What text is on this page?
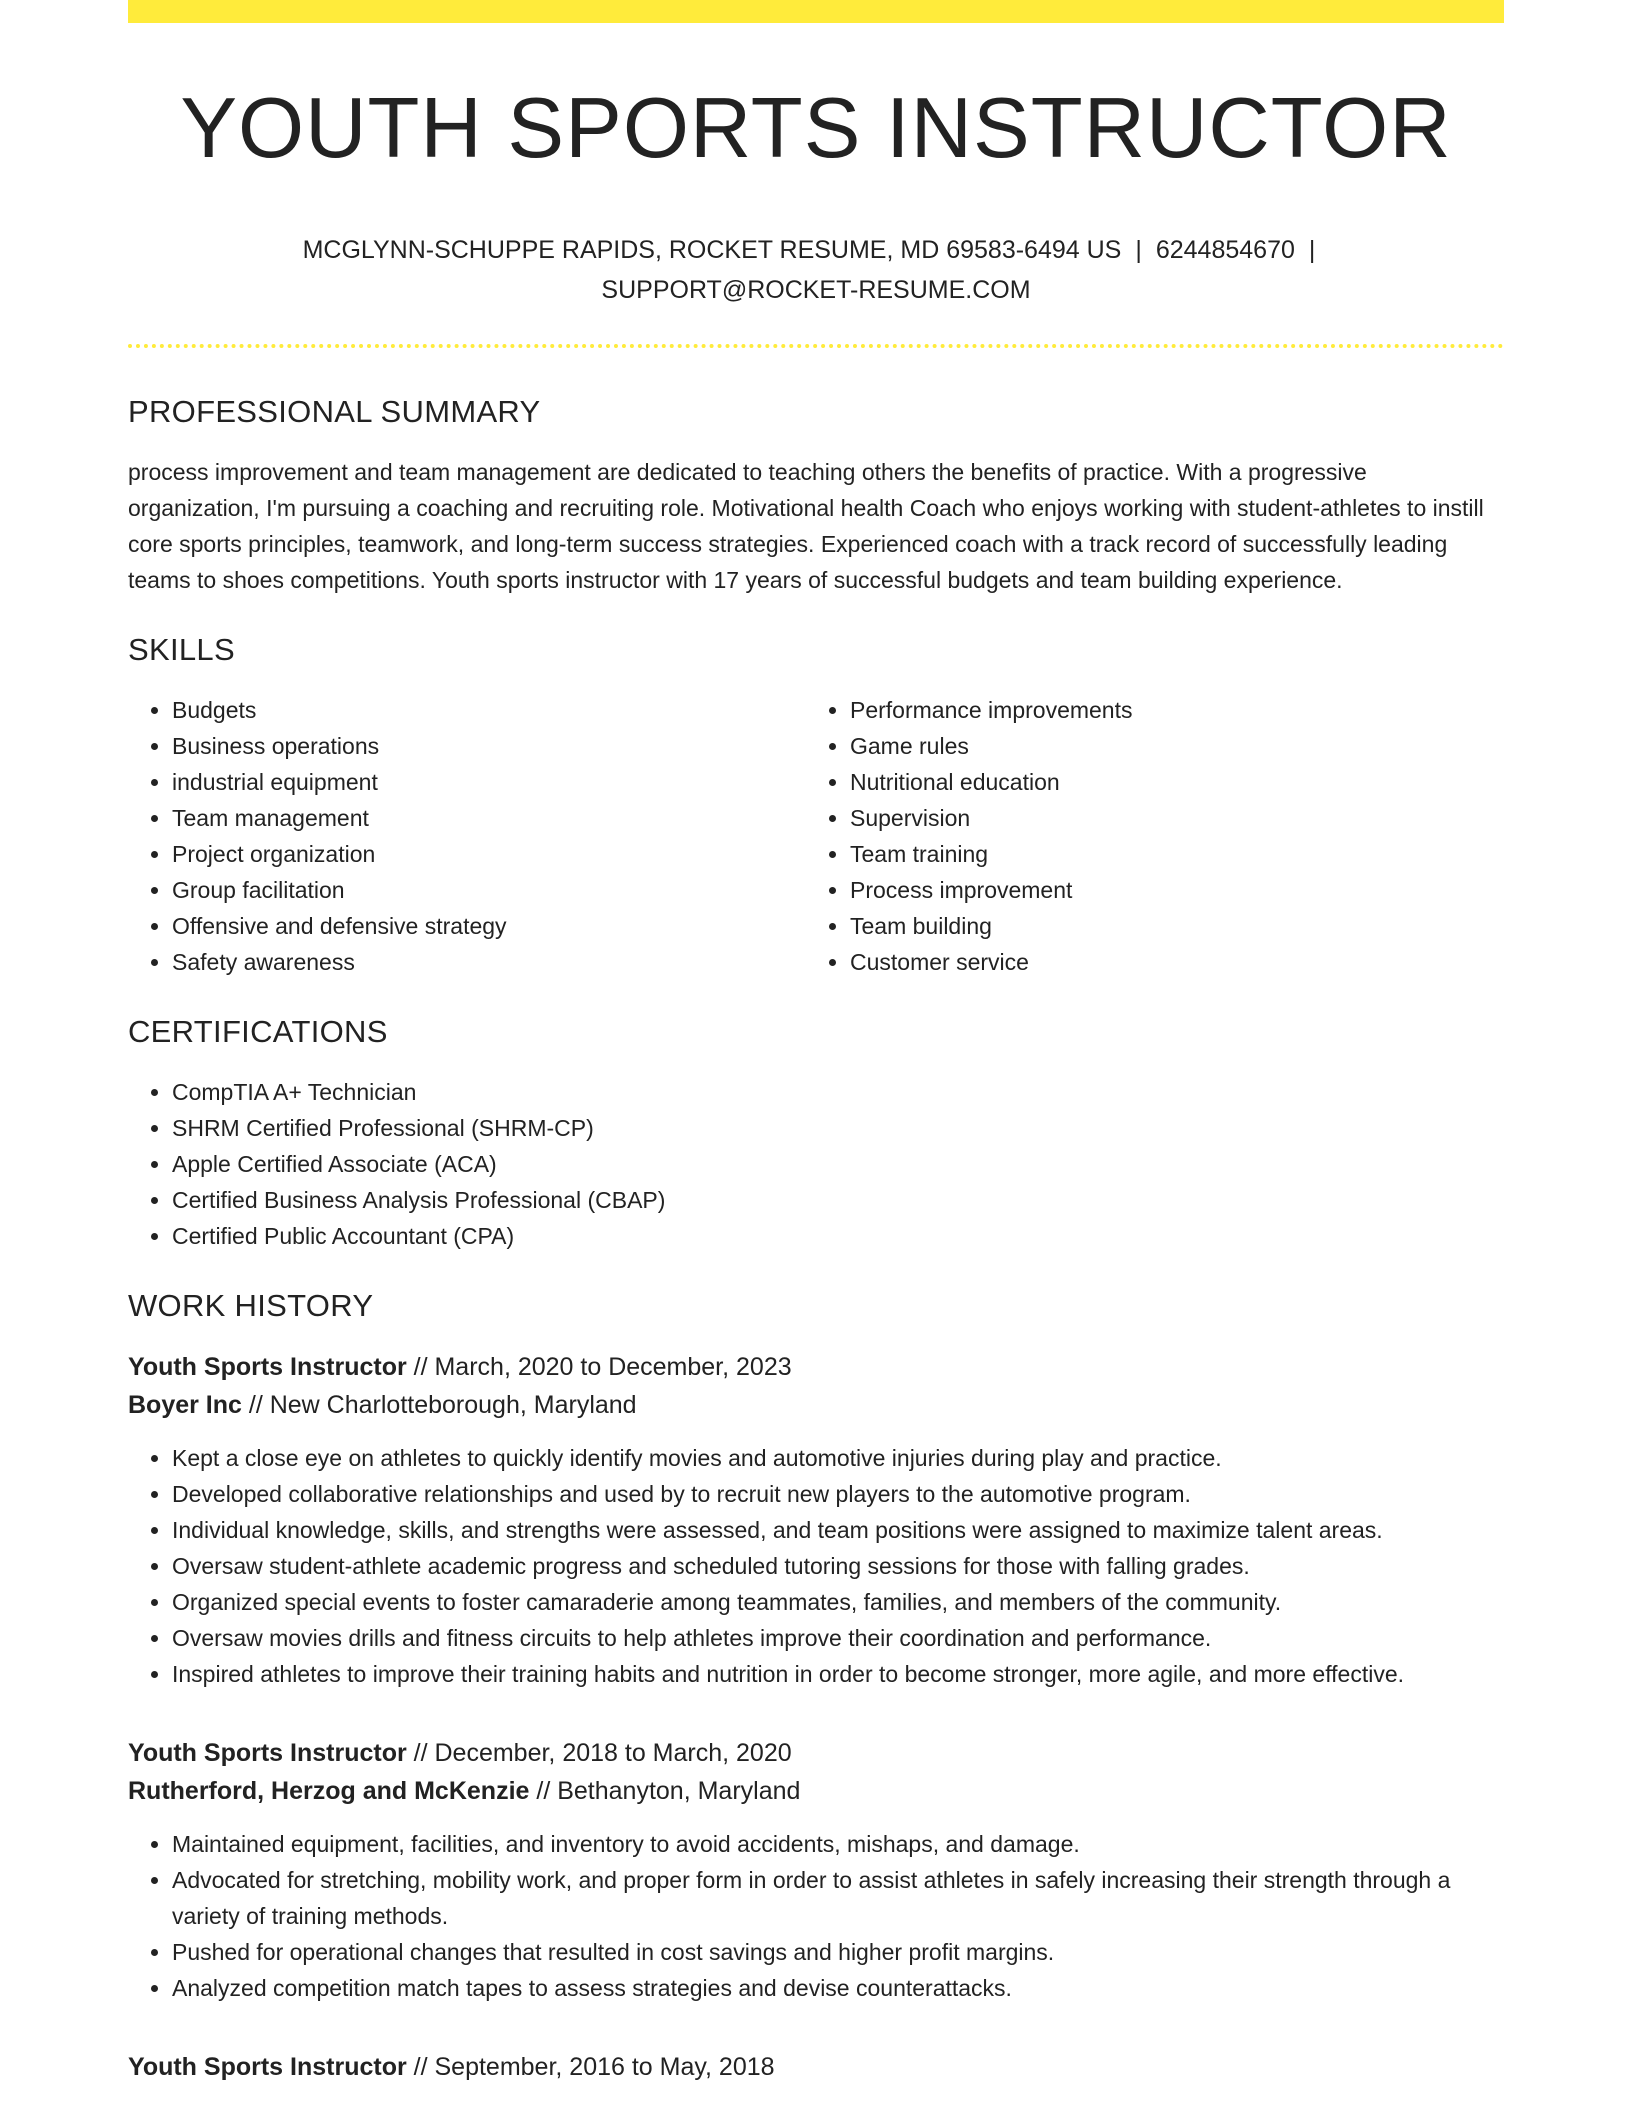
YOUTH SPORTS INSTRUCTOR
MCGLYNN-SCHUPPE RAPIDS, ROCKET RESUME, MD 69583-6494 US | 6244854670 |
SUPPORT@ROCKET-RESUME.COM
PROFESSIONAL SUMMARY

process improvement and team management are dedicated to teaching others the benefits of practice. With a progressive organization, I'm pursuing a coaching and recruiting role. Motivational health Coach who enjoys working with student-athletes to instill core sports principles, teamwork, and long-term success strategies. Experienced coach with a track record of successfully leading teams to shoes competitions. Youth sports instructor with 17 years of successful budgets and team building experience.

SKILLS
• Budgets
• Business operations
• industrial equipment
• Team management
• Project organization
• Group facilitation
• Offensive and defensive strategy
• Safety awareness
• Performance improvements
• Game rules
• Nutritional education
• Supervision
• Team training
• Process improvement
• Team building
• Customer service
CERTIFICATIONS
• CompTIA A+ Technician
• SHRM Certified Professional (SHRM-CP)
• Apple Certified Associate (ACA)
• Certified Business Analysis Professional (CBAP)
• Certified Public Accountant (CPA)
WORK HISTORY
Youth Sports Instructor // March, 2020 to December, 2023
Boyer Inc // New Charlotteborough, Maryland
• Kept a close eye on athletes to quickly identify movies and automotive injuries during play and practice.
• Developed collaborative relationships and used by to recruit new players to the automotive program.
• Individual knowledge, skills, and strengths were assessed, and team positions were assigned to maximize talent areas.
• Oversaw student-athlete academic progress and scheduled tutoring sessions for those with falling grades.
• Organized special events to foster camaraderie among teammates, families, and members of the community.
• Oversaw movies drills and fitness circuits to help athletes improve their coordination and performance.
• Inspired athletes to improve their training habits and nutrition in order to become stronger, more agile, and more effective.
Youth Sports Instructor // December, 2018 to March, 2020
Rutherford, Herzog and McKenzie // Bethanyton, Maryland
• Maintained equipment, facilities, and inventory to avoid accidents, mishaps, and damage.
• Advocated for stretching, mobility work, and proper form in order to assist athletes in safely increasing their strength through a variety of training methods.
• Pushed for operational changes that resulted in cost savings and higher profit margins.
• Analyzed competition match tapes to assess strategies and devise counterattacks.
Youth Sports Instructor // September, 2016 to May, 2018
